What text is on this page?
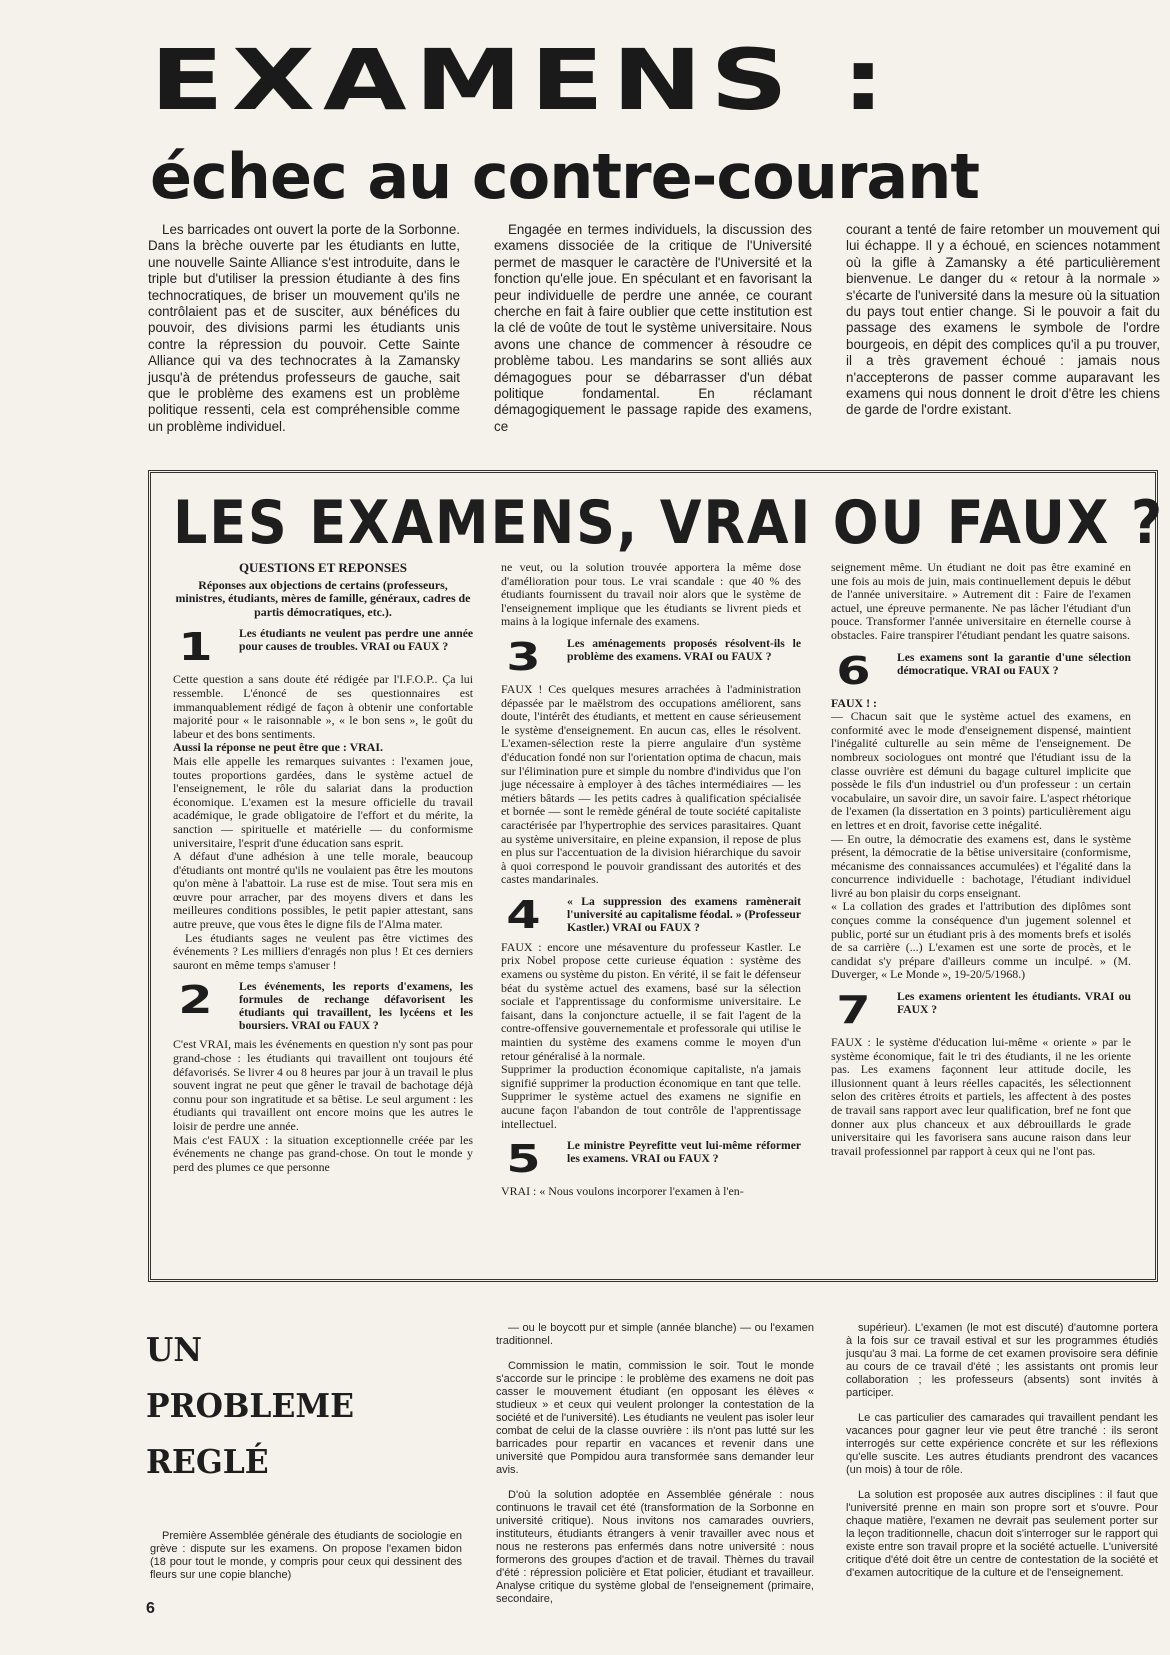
EXAMENS :
échec au contre-courant
Les barricades ont ouvert la porte de la Sorbonne. Dans la brèche ouverte par les étudiants en lutte, une nouvelle Sainte Alliance s'est introduite, dans le triple but d'utiliser la pression étudiante à des fins technocratiques, de briser un mouvement qu'ils ne contrôlaient pas et de susciter, aux bénéfices du pouvoir, des divisions parmi les étudiants unis contre la répression du pouvoir. Cette Sainte Alliance qui va des technocrates à la Zamansky jusqu'à de prétendus professeurs de gauche, sait que le problème des examens est un problème politique ressenti, cela est compréhensible comme un problème individuel.
Engagée en termes individuels, la discussion des examens dissociée de la critique de l'Université permet de masquer le caractère de l'Université et la fonction qu'elle joue. En spéculant et en favorisant la peur individuelle de perdre une année, ce courant cherche en fait à faire oublier que cette institution est la clé de voûte de tout le système universitaire. Nous avons une chance de commencer à résoudre ce problème tabou. Les mandarins se sont alliés aux démagogues pour se débarrasser d'un débat politique fondamental. En réclamant démagogiquement le passage rapide des examens, ce
courant a tenté de faire retomber un mouvement qui lui échappe. Il y a échoué, en sciences notamment où la gifle à Zamansky a été particulièrement bienvenue. Le danger du « retour à la normale » s'écarte de l'université dans la mesure où la situation du pays tout entier change. Si le pouvoir a fait du passage des examens le symbole de l'ordre bourgeois, en dépit des complices qu'il a pu trouver, il a très gravement échoué : jamais nous n'accepterons de passer comme auparavant les examens qui nous donnent le droit d'être les chiens de garde de l'ordre existant.
LES EXAMENS, VRAI OU FAUX ?
QUESTIONS ET REPONSES
Réponses aux objections de certains (professeurs, ministres, étudiants, mères de famille, généraux, cadres de partis démocratiques, etc.).
1	Les étudiants ne veulent pas perdre une année pour causes de troubles. VRAI ou FAUX ?

Cette question a sans doute été rédigée par l'I.F.O.P.. Ça lui ressemble. L'énoncé de ses questionnaires est immanquablement rédigé de façon à obtenir une confortable majorité pour « le raisonnable », « le bon sens », le goût du labeur et des bons sentiments.

Aussi la réponse ne peut être que : VRAI.

Mais elle appelle les remarques suivantes : l'examen joue, toutes proportions gardées, dans le système actuel de l'enseignement, le rôle du salariat dans la production économique. L'examen est la mesure officielle du travail académique, le grade obligatoire de l'effort et du mérite, la sanction — spirituelle et matérielle — du conformisme universitaire, l'esprit d'une éducation sans esprit.

A défaut d'une adhésion à une telle morale, beaucoup d'étudiants ont montré qu'ils ne voulaient pas être les moutons qu'on mène à l'abattoir. La ruse est de mise. Tout sera mis en œuvre pour arracher, par des moyens divers et dans les meilleures conditions possibles, le petit papier attestant, sans autre preuve, que vous êtes le digne fils de l'Alma mater.

Les étudiants sages ne veulent pas être victimes des événements ? Les milliers d'enragés non plus ! Et ces derniers sauront en même temps s'amuser !

2	Les événements, les reports d'examens, les formules de rechange défavorisent les étudiants qui travaillent, les lycéens et les boursiers. VRAI ou FAUX ?

C'est VRAI, mais les événements en question n'y sont pas pour grand-chose : les étudiants qui travaillent ont toujours été défavorisés. Se livrer 4 ou 8 heures par jour à un travail le plus souvent ingrat ne peut que gêner le travail de bachotage déjà connu pour son ingratitude et sa bêtise. Le seul argument : les étudiants qui travaillent ont encore moins que les autres le loisir de perdre une année.

Mais c'est FAUX : la situation exceptionnelle créée par les événements ne change pas grand-chose. On tout le monde y perd des plumes ce que personne

ne veut, ou la solution trouvée apportera la même dose d'amélioration pour tous. Le vrai scandale : que 40 % des étudiants fournissent du travail noir alors que le système de l'enseignement implique que les étudiants se livrent pieds et mains à la logique infernale des examens.

3	Les aménagements proposés résolvent-ils le problème des examens. VRAI ou FAUX ?

FAUX ! Ces quelques mesures arrachées à l'administration dépassée par le maëlstrom des occupations améliorent, sans doute, l'intérêt des étudiants, et mettent en cause sérieusement le système d'enseignement. En aucun cas, elles le résolvent. L'examen-sélection reste la pierre angulaire d'un système d'éducation fondé non sur l'orientation optima de chacun, mais sur l'élimination pure et simple du nombre d'individus que l'on juge nécessaire à employer à des tâches intermédiaires — les métiers bâtards — les petits cadres à qualification spécialisée et bornée — sont le remède général de toute société capitaliste caractérisée par l'hypertrophie des services parasitaires. Quant au système universitaire, en pleine expansion, il repose de plus en plus sur l'accentuation de la division hiérarchique du savoir à quoi correspond le pouvoir grandissant des autorités et des castes mandarinales.

4	« La suppression des examens ramènerait l'université au capitalisme féodal. » (Professeur Kastler.) VRAI ou FAUX ?

FAUX : encore une mésaventure du professeur Kastler. Le prix Nobel propose cette curieuse équation : système des examens ou système du piston. En vérité, il se fait le défenseur béat du système actuel des examens, basé sur la sélection sociale et l'apprentissage du conformisme universitaire. Le faisant, dans la conjoncture actuelle, il se fait l'agent de la contre-offensive gouvernementale et professorale qui utilise le maintien du système des examens comme le moyen d'un retour généralisé à la normale.

Supprimer la production économique capitaliste, n'a jamais signifié supprimer la production économique en tant que telle. Supprimer le système actuel des examens ne signifie en aucune façon l'abandon de tout contrôle de l'apprentissage intellectuel.

5	Le ministre Peyrefitte veut lui-même réformer les examens. VRAI ou FAUX ?

VRAI : « Nous voulons incorporer l'examen à l'en-

seignement même. Un étudiant ne doit pas être examiné en une fois au mois de juin, mais continuellement depuis le début de l'année universitaire. » Autrement dit : Faire de l'examen actuel, une épreuve permanente. Ne pas lâcher l'étudiant d'un pouce. Transformer l'année universitaire en éternelle course à obstacles. Faire transpirer l'étudiant pendant les quatre saisons.

6	Les examens sont la garantie d'une sélection démocratique. VRAI ou FAUX ?

FAUX ! :

— Chacun sait que le système actuel des examens, en conformité avec le mode d'enseignement dispensé, maintient l'inégalité culturelle au sein même de l'enseignement. De nombreux sociologues ont montré que l'étudiant issu de la classe ouvrière est démuni du bagage culturel implicite que possède le fils d'un industriel ou d'un professeur : un certain vocabulaire, un savoir dire, un savoir faire. L'aspect rhétorique de l'examen (la dissertation en 3 points) particulièrement aigu en lettres et en droit, favorise cette inégalité.

— En outre, la démocratie des examens est, dans le système présent, la démocratie de la bêtise universitaire (conformisme, mécanisme des connaissances accumulées) et l'égalité dans la concurrence individuelle : bachotage, l'étudiant individuel livré au bon plaisir du corps enseignant.

« La collation des grades et l'attribution des diplômes sont conçues comme la conséquence d'un jugement solennel et public, porté sur un étudiant pris à des moments brefs et isolés de sa carrière (...) L'examen est une sorte de procès, et le candidat s'y prépare d'ailleurs comme un inculpé. » (M. Duverger, « Le Monde », 19-20/5/1968.)

7	Les examens orientent les étudiants. VRAI ou FAUX ?

FAUX : le système d'éducation lui-même « oriente » par le système économique, fait le tri des étudiants, il ne les oriente pas. Les examens façonnent leur attitude docile, les illusionnent quant à leurs réelles capacités, les sélectionnent selon des critères étroits et partiels, les affectent à des postes de travail sans rapport avec leur qualification, bref ne font que donner aux plus chanceux et aux débrouillards le grade universitaire qui les favorisera sans aucune raison dans leur travail professionnel par rapport à ceux qui ne l'ont pas.

UN
PROBLEME
REGLÉ

Première Assemblée générale des étudiants de sociologie en grève : dispute sur les examens. On propose l'examen bidon (18 pour tout le monde, y compris pour ceux qui dessinent des fleurs sur une copie blanche)

— ou le boycott pur et simple (année blanche) — ou l'examen traditionnel.

Commission le matin, commission le soir. Tout le monde s'accorde sur le principe : le problème des examens ne doit pas casser le mouvement étudiant (en opposant les élèves « studieux » et ceux qui veulent prolonger la contestation de la société et de l'université). Les étudiants ne veulent pas isoler leur combat de celui de la classe ouvrière : ils n'ont pas lutté sur les barricades pour repartir en vacances et revenir dans une université que Pompidou aura transformée sans demander leur avis.

D'où la solution adoptée en Assemblée générale : nous continuons le travail cet été (transformation de la Sorbonne en université critique). Nous invitons nos camarades ouvriers, instituteurs, étudiants étrangers à venir travailler avec nous et nous ne resterons pas enfermés dans notre université : nous formerons des groupes d'action et de travail. Thèmes du travail d'été : répression policière et Etat policier, étudiant et travailleur. Analyse critique du système global de l'enseignement (primaire, secondaire,

supérieur). L'examen (le mot est discuté) d'automne portera à la fois sur ce travail estival et sur les programmes étudiés jusqu'au 3 mai. La forme de cet examen provisoire sera définie au cours de ce travail d'été ; les assistants ont promis leur collaboration ; les professeurs (absents) sont invités à participer.

Le cas particulier des camarades qui travaillent pendant les vacances pour gagner leur vie peut être tranché : ils seront interrogés sur cette expérience concrète et sur les réflexions qu'elle suscite. Les autres étudiants prendront des vacances (un mois) à tour de rôle.

La solution est proposée aux autres disciplines : il faut que l'université prenne en main son propre sort et s'ouvre. Pour chaque matière, l'examen ne devrait pas seulement porter sur la leçon traditionnelle, chacun doit s'interroger sur le rapport qui existe entre son travail propre et la société actuelle. L'université critique d'été doit être un centre de contestation de la société et d'examen autocritique de la culture et de l'enseignement.

6
